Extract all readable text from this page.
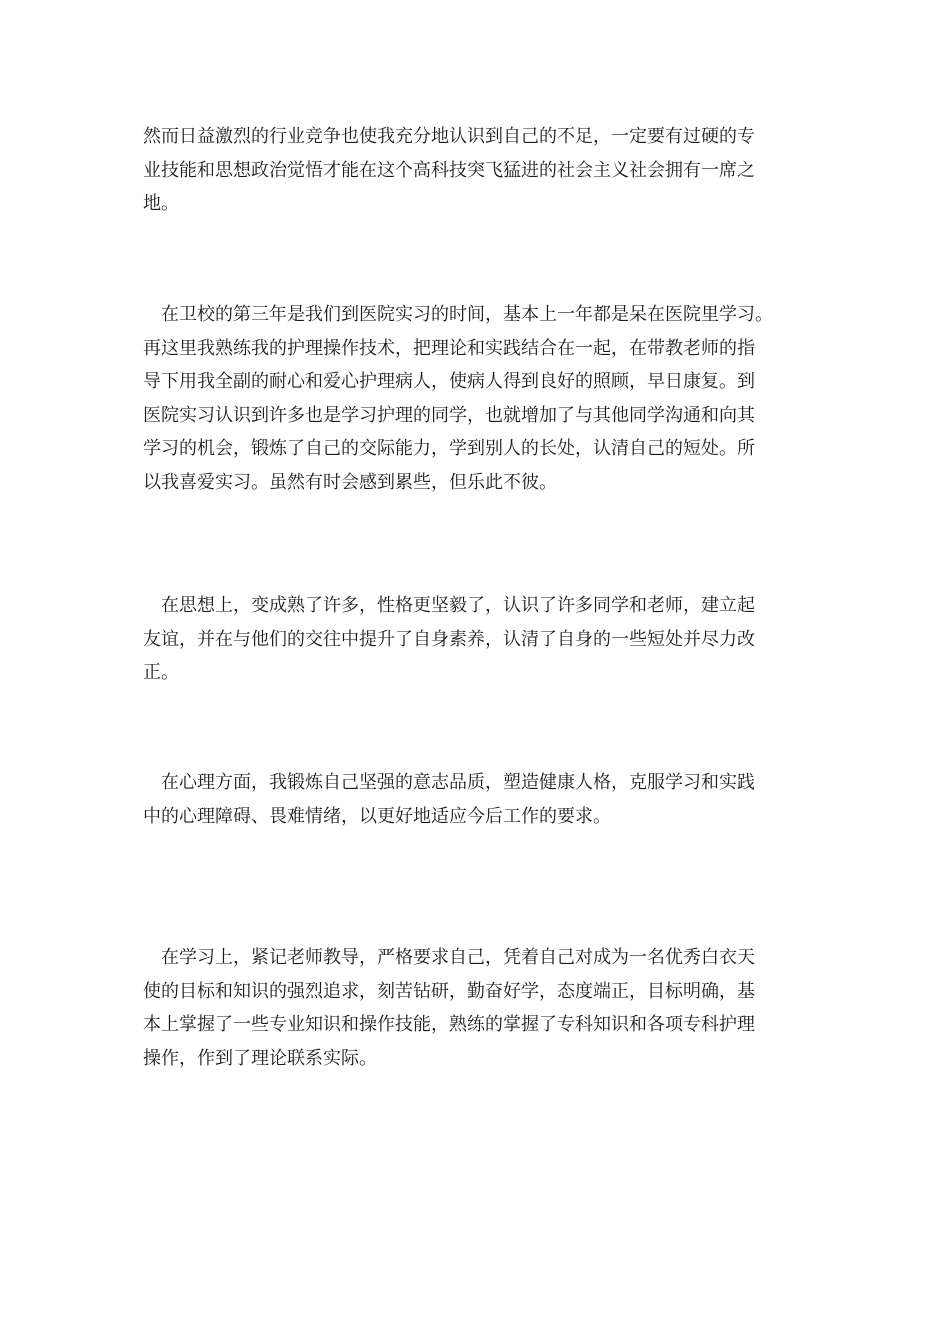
然而日益激烈的行业竞争也使我充分地认识到自己的不足，一定要有过硬的专
业技能和思想政治觉悟才能在这个高科技突飞猛进的社会主义社会拥有一席之
地。

　在卫校的第三年是我们到医院实习的时间，基本上一年都是呆在医院里学习。
再这里我熟练我的护理操作技术，把理论和实践结合在一起，在带教老师的指
导下用我全副的耐心和爱心护理病人，使病人得到良好的照顾，早日康复。到
医院实习认识到许多也是学习护理的同学，也就增加了与其他同学沟通和向其
学习的机会，锻炼了自己的交际能力，学到别人的长处，认清自己的短处。所
以我喜爱实习。虽然有时会感到累些，但乐此不彼。

　在思想上，变成熟了许多，性格更坚毅了，认识了许多同学和老师，建立起
友谊，并在与他们的交往中提升了自身素养，认清了自身的一些短处并尽力改
正。

　在心理方面，我锻炼自己坚强的意志品质，塑造健康人格，克服学习和实践
中的心理障碍、畏难情绪，以更好地适应今后工作的要求。

　在学习上，紧记老师教导，严格要求自己，凭着自己对成为一名优秀白衣天
使的目标和知识的强烈追求，刻苦钻研，勤奋好学，态度端正，目标明确，基
本上掌握了一些专业知识和操作技能，熟练的掌握了专科知识和各项专科护理
操作，作到了理论联系实际。
